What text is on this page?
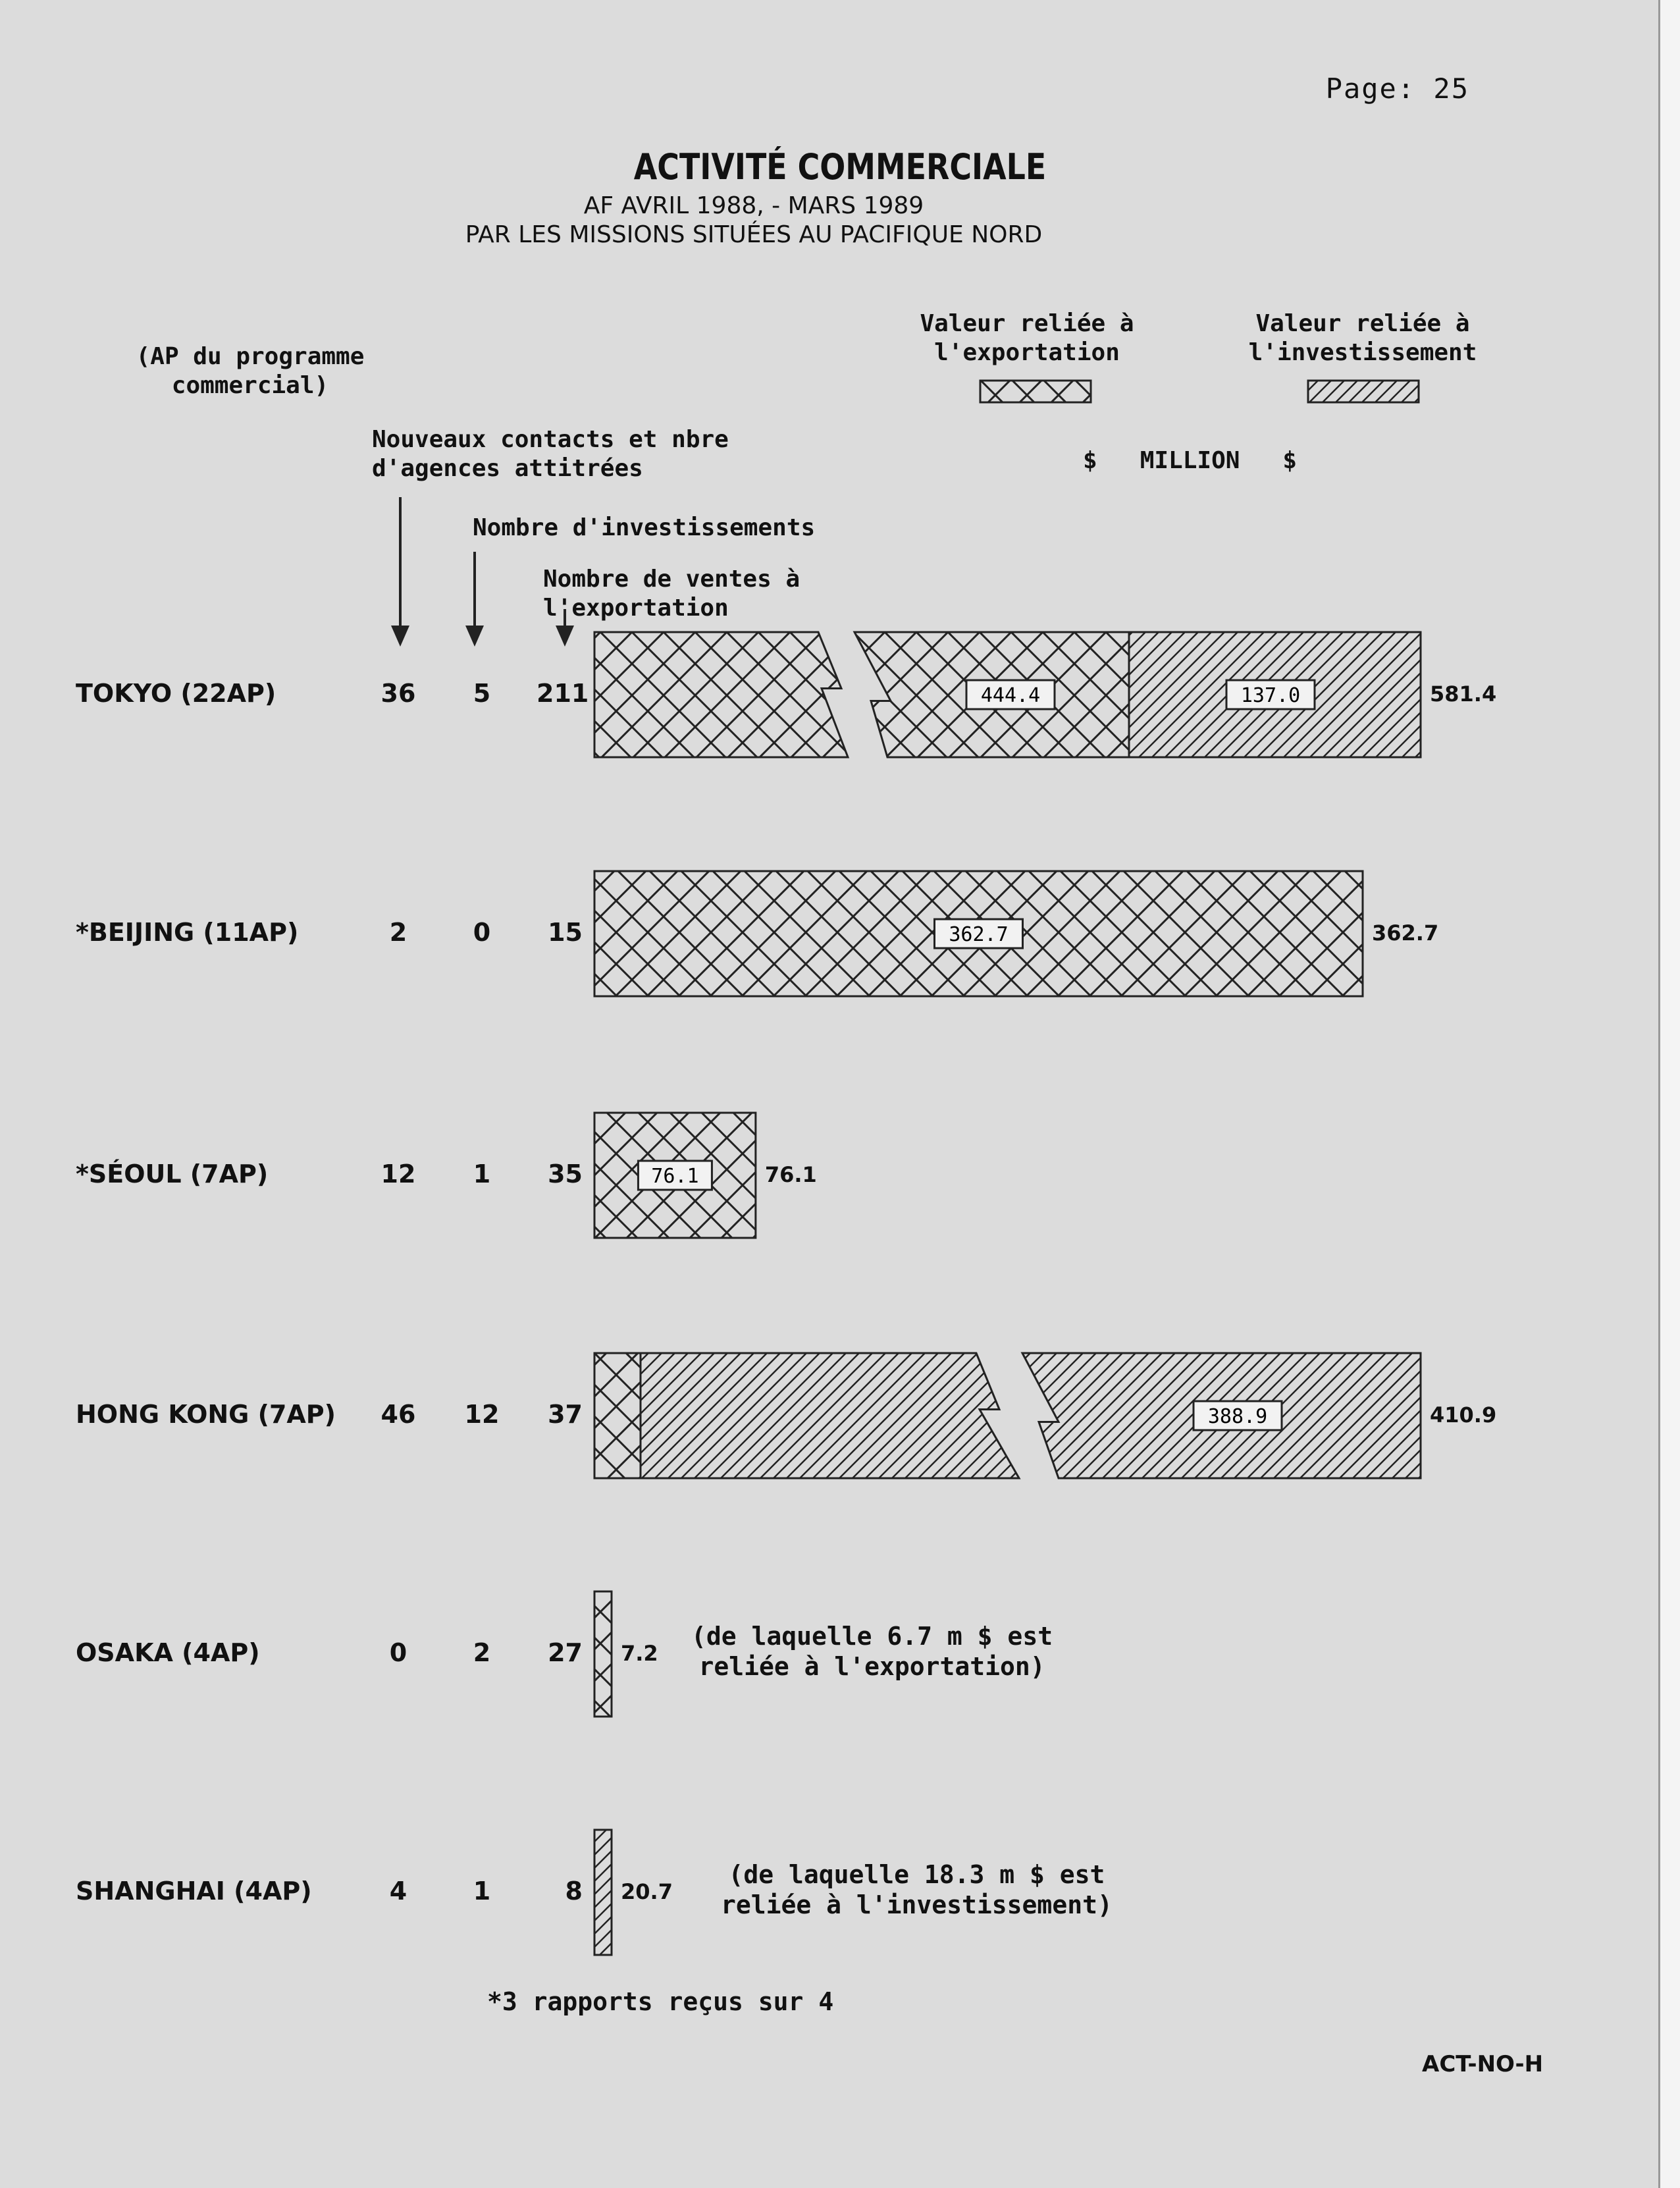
Page: 25
ACTIVITÉ COMMERCIALE
AF AVRIL 1988, - MARS 1989
PAR LES MISSIONS SITUÉES AU PACIFIQUE NORD
(AP du programme
commercial)
Valeur reliée à
l'exportation
Valeur reliée à
l'investissement
$   MILLION   $
Nouveaux contacts et nbre
d'agences attitrées
Nombre d'investissements
Nombre de ventes à
l'exportation
444.4	137.0
362.7
76.1
388.9
TOKYO (22AP)	36	5	211	581.4
*BEIJING (11AP)	2	0	15	362.7
*SÉOUL (7AP)	12	1	35	76.1
HONG KONG (7AP)	46	12	37	410.9
OSAKA (4AP)	0	2	27 7.2
(de laquelle 6.7 m $ est
reliée à l'exportation)
SHANGHAI (4AP)	4	1	8 20.7
(de laquelle 18.3 m $ est
reliée à l'investissement)
*3 rapports reçus sur 4
ACT-NO-H
